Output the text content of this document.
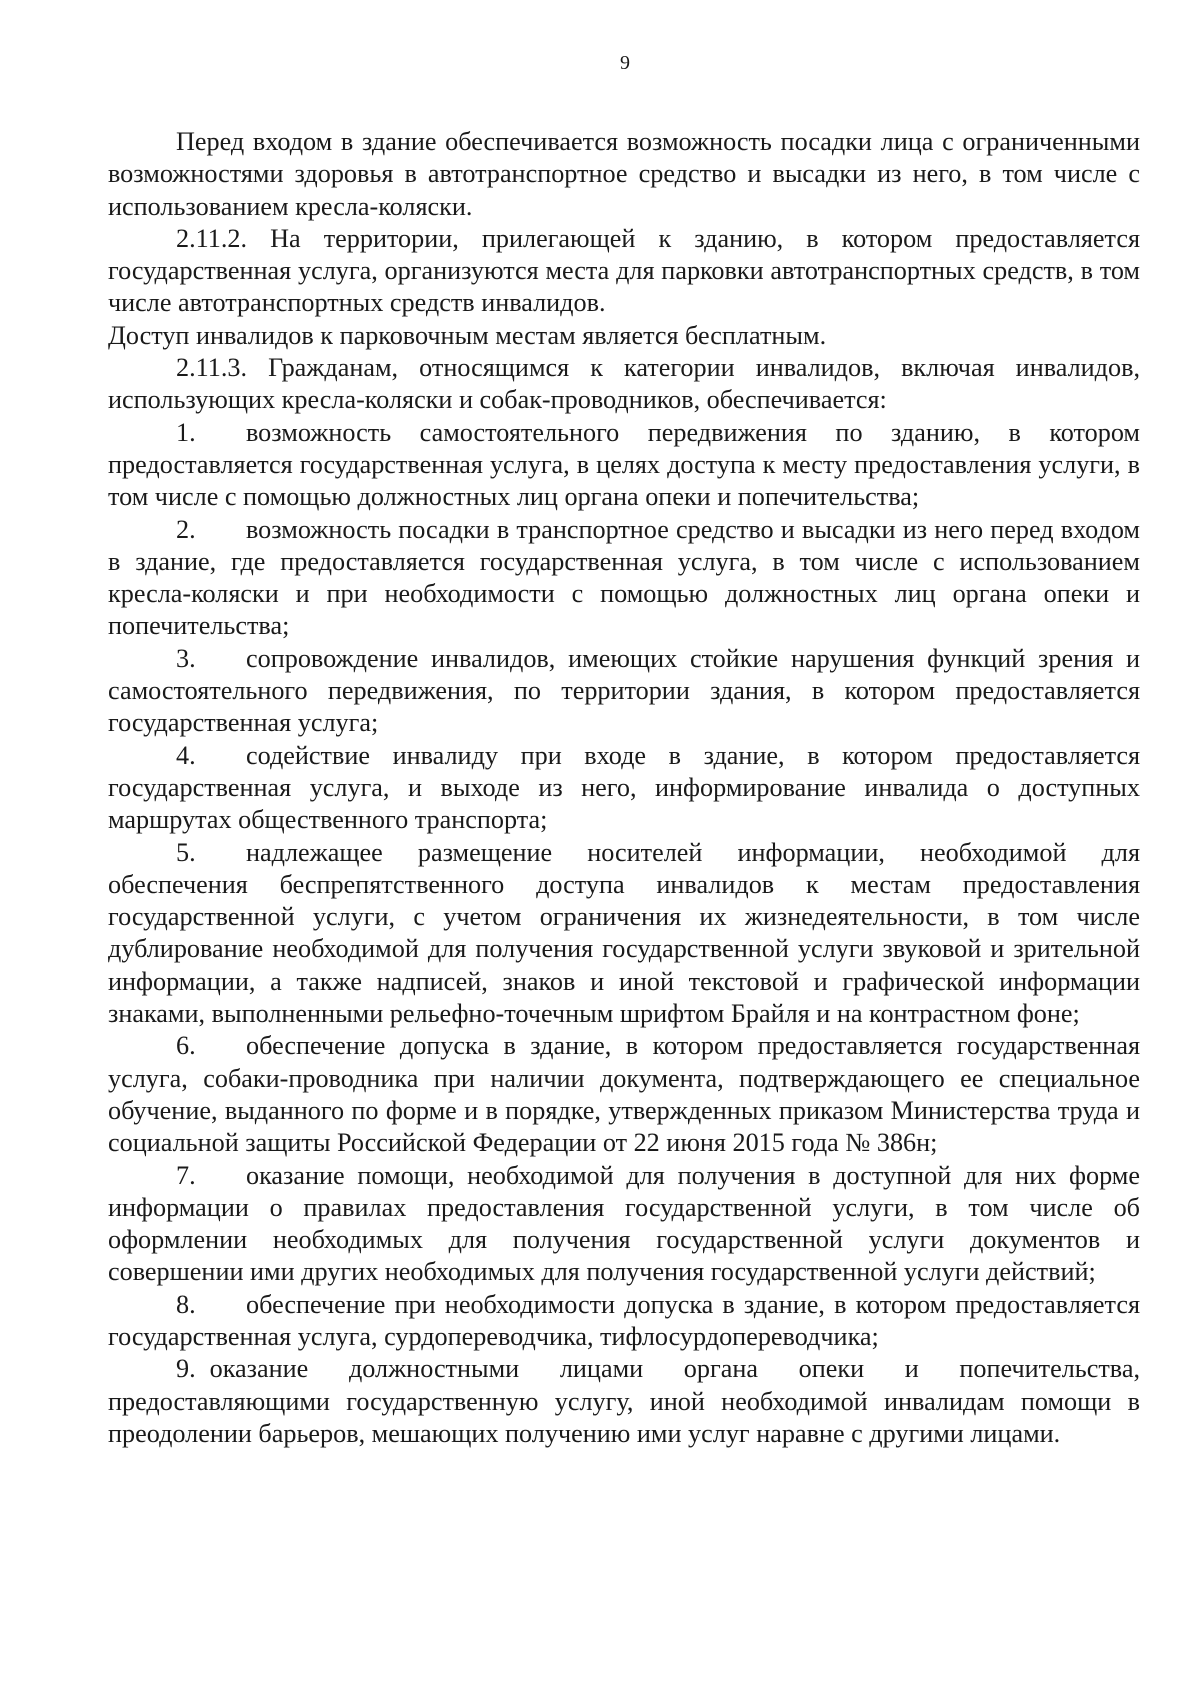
9

Перед входом в здание обеспечивается возможность посадки лица с ограниченными возможностями здоровья в автотранспортное средство и высадки из него, в том числе с использованием кресла-коляски.

2.11.2. На территории, прилегающей к зданию, в котором предоставляется государственная услуга, организуются места для парковки автотранспортных средств, в том числе автотранспортных средств инвалидов.

Доступ инвалидов к парковочным местам является бесплатным.

2.11.3. Гражданам, относящимся к категории инвалидов, включая инвалидов, использующих кресла-коляски и собак-проводников, обеспечивается:

1. возможность самостоятельного передвижения по зданию, в котором предоставляется государственная услуга, в целях доступа к месту предоставления услуги, в том числе с помощью должностных лиц органа опеки и попечительства;

2. возможность посадки в транспортное средство и высадки из него перед входом в здание, где предоставляется государственная услуга, в том числе с использованием кресла-коляски и при необходимости с помощью должностных лиц органа опеки и попечительства;

3. сопровождение инвалидов, имеющих стойкие нарушения функций зрения и самостоятельного передвижения, по территории здания, в котором предоставляется государственная услуга;

4. содействие инвалиду при входе в здание, в котором предоставляется государственная услуга, и выходе из него, информирование инвалида о доступных маршрутах общественного транспорта;

5. надлежащее размещение носителей информации, необходимой для обеспечения беспрепятственного доступа инвалидов к местам предоставления государственной услуги, с учетом ограничения их жизнедеятельности, в том числе дублирование необходимой для получения государственной услуги звуковой и зрительной информации, а также надписей, знаков и иной текстовой и графической информации знаками, выполненными рельефно-точечным шрифтом Брайля и на контрастном фоне;

6. обеспечение допуска в здание, в котором предоставляется государственная услуга, собаки-проводника при наличии документа, подтверждающего ее специальное обучение, выданного по форме и в порядке, утвержденных приказом Министерства труда и социальной защиты Российской Федерации от 22 июня 2015 года № 386н;

7. оказание помощи, необходимой для получения в доступной для них форме информации о правилах предоставления государственной услуги, в том числе об оформлении необходимых для получения государственной услуги документов и совершении ими других необходимых для получения государственной услуги действий;

8. обеспечение при необходимости допуска в здание, в котором предоставляется государственная услуга, сурдопереводчика, тифлосурдопереводчика;

9. оказание должностными лицами органа опеки и попечительства, предоставляющими государственную услугу, иной необходимой инвалидам помощи в преодолении барьеров, мешающих получению ими услуг наравне с другими лицами.
